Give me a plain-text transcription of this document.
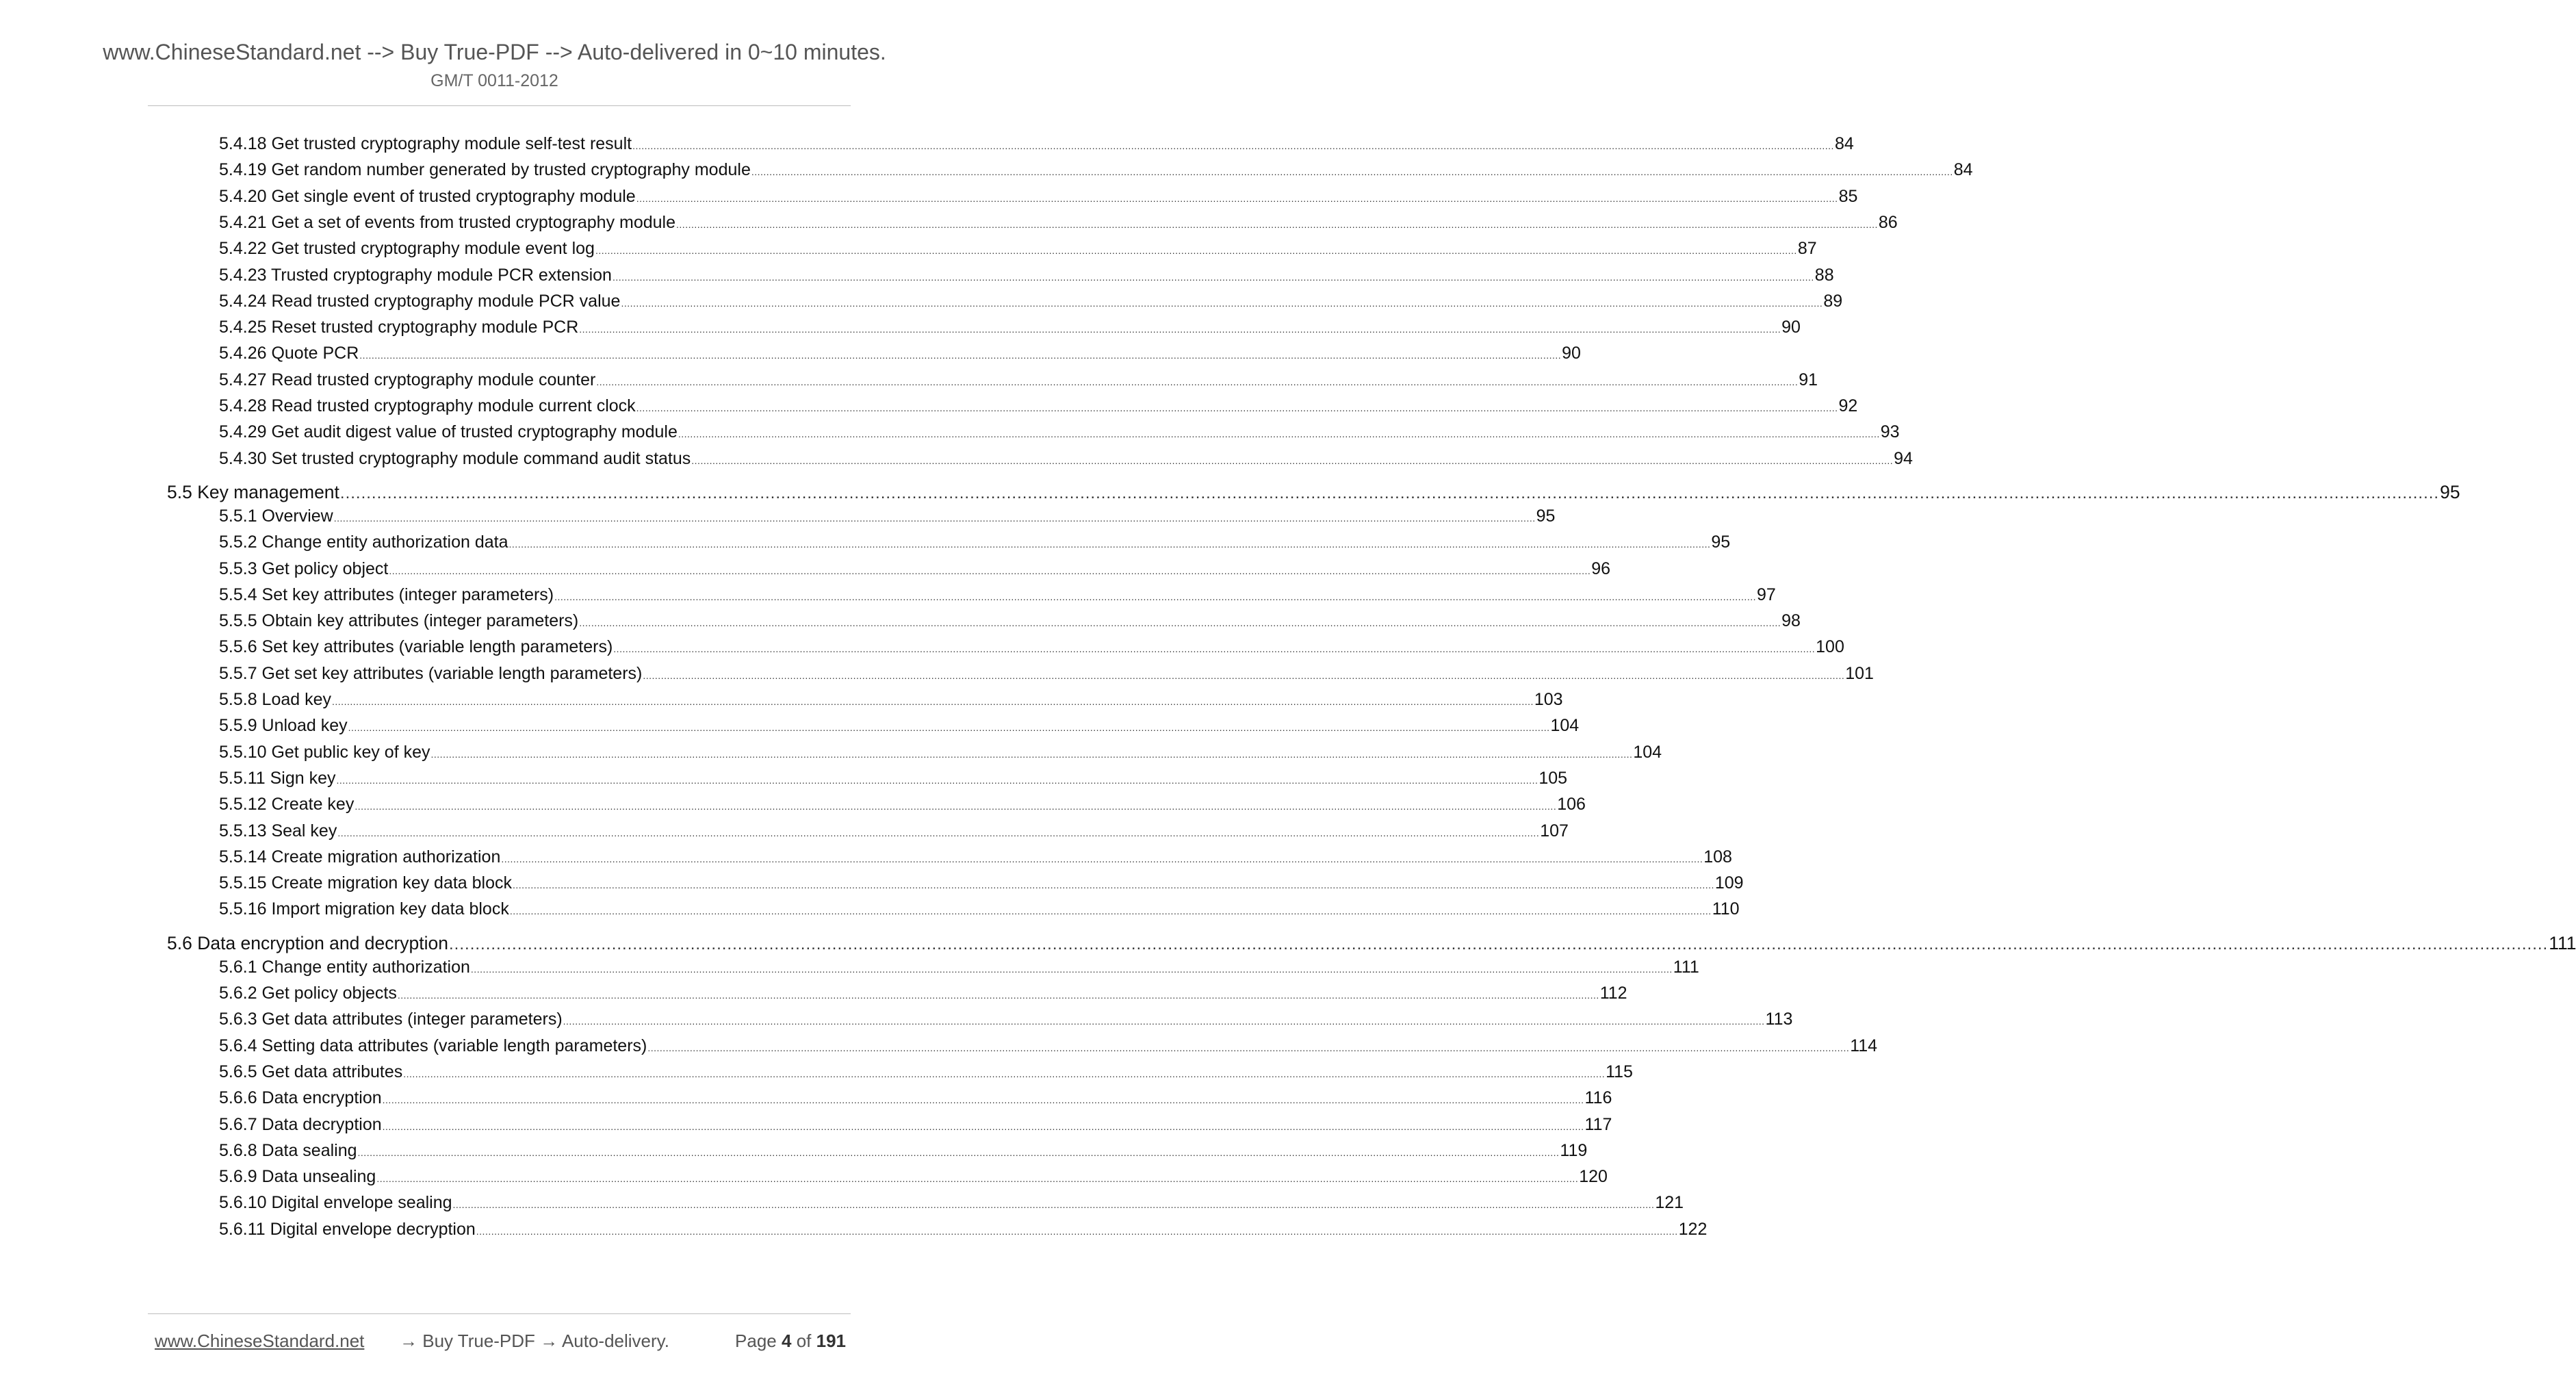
www.ChineseStandard.net --> Buy True-PDF --> Auto-delivered in 0~10 minutes.
GM/T 0011-2012
5.4.18 Get trusted cryptography module self-test result ................................................................................................................................................................................................................................................................................................................................................................................................................ 84
5.4.19 Get random number generated by trusted cryptography module ................................................................................................................................................................................................................................................................................................................................................................................................................ 84
5.4.20 Get single event of trusted cryptography module ................................................................................................................................................................................................................................................................................................................................................................................................................ 85
5.4.21 Get a set of events from trusted cryptography module ................................................................................................................................................................................................................................................................................................................................................................................................................ 86
5.4.22 Get trusted cryptography module event log ................................................................................................................................................................................................................................................................................................................................................................................................................ 87
5.4.23 Trusted cryptography module PCR extension ................................................................................................................................................................................................................................................................................................................................................................................................................ 88
5.4.24 Read trusted cryptography module PCR value ................................................................................................................................................................................................................................................................................................................................................................................................................ 89
5.4.25 Reset trusted cryptography module PCR ................................................................................................................................................................................................................................................................................................................................................................................................................ 90
5.4.26 Quote PCR ................................................................................................................................................................................................................................................................................................................................................................................................................ 90
5.4.27 Read trusted cryptography module counter ................................................................................................................................................................................................................................................................................................................................................................................................................ 91
5.4.28 Read trusted cryptography module current clock ................................................................................................................................................................................................................................................................................................................................................................................................................ 92
5.4.29 Get audit digest value of trusted cryptography module ................................................................................................................................................................................................................................................................................................................................................................................................................ 93
5.4.30 Set trusted cryptography module command audit status ................................................................................................................................................................................................................................................................................................................................................................................................................ 94
5.5 Key management ................................................................................................................................................................................................................................................................................................................................................................................................................ 95
5.5.1 Overview ................................................................................................................................................................................................................................................................................................................................................................................................................ 95
5.5.2 Change entity authorization data ................................................................................................................................................................................................................................................................................................................................................................................................................ 95
5.5.3 Get policy object ................................................................................................................................................................................................................................................................................................................................................................................................................ 96
5.5.4 Set key attributes (integer parameters) ................................................................................................................................................................................................................................................................................................................................................................................................................ 97
5.5.5 Obtain key attributes (integer parameters) ................................................................................................................................................................................................................................................................................................................................................................................................................ 98
5.5.6 Set key attributes (variable length parameters) ................................................................................................................................................................................................................................................................................................................................................................................................................ 100
5.5.7 Get set key attributes (variable length parameters) ................................................................................................................................................................................................................................................................................................................................................................................................................ 101
5.5.8 Load key ................................................................................................................................................................................................................................................................................................................................................................................................................ 103
5.5.9 Unload key ................................................................................................................................................................................................................................................................................................................................................................................................................ 104
5.5.10 Get public key of key ................................................................................................................................................................................................................................................................................................................................................................................................................ 104
5.5.11 Sign key ................................................................................................................................................................................................................................................................................................................................................................................................................ 105
5.5.12 Create key ................................................................................................................................................................................................................................................................................................................................................................................................................ 106
5.5.13 Seal key ................................................................................................................................................................................................................................................................................................................................................................................................................ 107
5.5.14 Create migration authorization ................................................................................................................................................................................................................................................................................................................................................................................................................ 108
5.5.15 Create migration key data block ................................................................................................................................................................................................................................................................................................................................................................................................................ 109
5.5.16 Import migration key data block ................................................................................................................................................................................................................................................................................................................................................................................................................ 110
5.6 Data encryption and decryption ................................................................................................................................................................................................................................................................................................................................................................................................................ 111
5.6.1 Change entity authorization ................................................................................................................................................................................................................................................................................................................................................................................................................ 111
5.6.2 Get policy objects ................................................................................................................................................................................................................................................................................................................................................................................................................ 112
5.6.3 Get data attributes (integer parameters) ................................................................................................................................................................................................................................................................................................................................................................................................................ 113
5.6.4 Setting data attributes (variable length parameters) ................................................................................................................................................................................................................................................................................................................................................................................................................ 114
5.6.5 Get data attributes ................................................................................................................................................................................................................................................................................................................................................................................................................ 115
5.6.6 Data encryption ................................................................................................................................................................................................................................................................................................................................................................................................................ 116
5.6.7 Data decryption ................................................................................................................................................................................................................................................................................................................................................................................................................ 117
5.6.8 Data sealing ................................................................................................................................................................................................................................................................................................................................................................................................................ 119
5.6.9 Data unsealing ................................................................................................................................................................................................................................................................................................................................................................................................................ 120
5.6.10 Digital envelope sealing ................................................................................................................................................................................................................................................................................................................................................................................................................ 121
5.6.11 Digital envelope decryption ................................................................................................................................................................................................................................................................................................................................................................................................................ 122
www.ChineseStandard.net → Buy True-PDF → Auto-delivery.	Page 4 of 191
